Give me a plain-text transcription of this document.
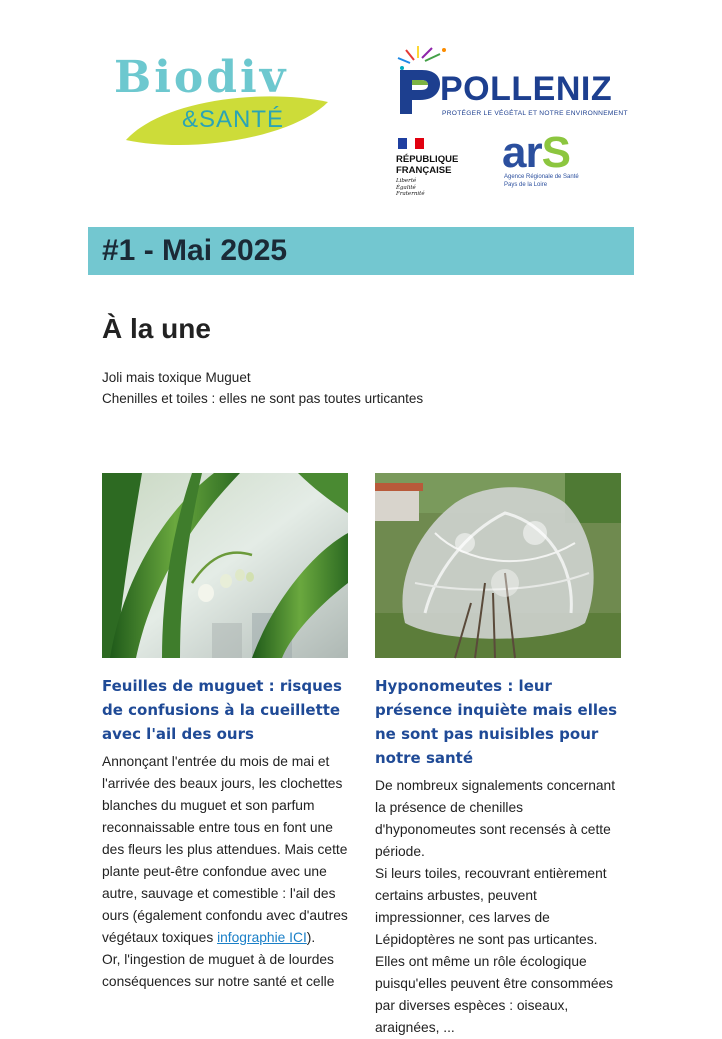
Biodiv
&SANTÉ
POLLENIZ
PROTÉGER LE VÉGÉTAL ET NOTRE ENVIRONNEMENT
RÉPUBLIQUE
FRANÇAISE
Liberté
Égalité
Fraternité
arS
Agence Régionale de Santé
Pays de la Loire
#1 - Mai 2025
À la une
Joli mais toxique Muguet
Chenilles et toiles : elles ne sont pas toutes urticantes
Feuilles de muguet : risques de confusions à la cueillette avec l'ail des ours
Annonçant l'entrée du mois de mai et l'arrivée des beaux jours, les clochettes blanches du muguet et son parfum reconnaissable entre tous en font une des fleurs les plus attendues. Mais cette plante peut-être confondue avec une autre, sauvage et comestible : l'ail des ours (également confondu avec d'autres végétaux toxiques infographie ICI).
Or, l'ingestion de muguet à de lourdes conséquences sur notre santé et celle
Hyponomeutes : leur présence inquiète mais elles ne sont pas nuisibles pour notre santé
De nombreux signalements concernant la présence de chenilles d'hyponomeutes sont recensés à cette période.
Si leurs toiles, recouvrant entièrement certains arbustes, peuvent impressionner, ces larves de Lépidoptères ne sont pas urticantes. Elles ont même un rôle écologique puisqu'elles peuvent être consommées par diverses espèces : oiseaux, araignées, ...
